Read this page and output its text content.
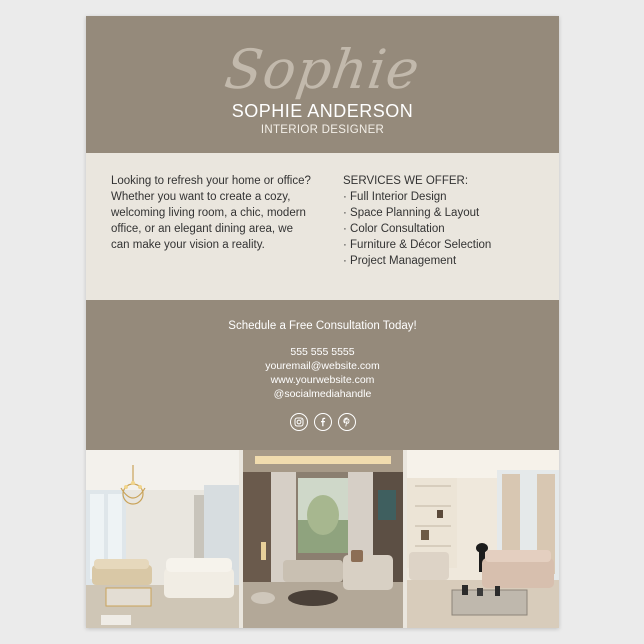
Sophie
SOPHIE ANDERSON
INTERIOR DESIGNER
Looking to refresh your home or office?
Whether you want to create a cozy, welcoming living room, a chic, modern office, or an elegant dining area, we can make your vision a reality.
SERVICES WE OFFER:
· Full Interior Design
· Space Planning & Layout
· Color Consultation
· Furniture & Décor Selection
· Project Management
Schedule a Free Consultation Today!
555 555 5555
youremail@website.com
www.yourwebsite.com
@socialmediahandle
